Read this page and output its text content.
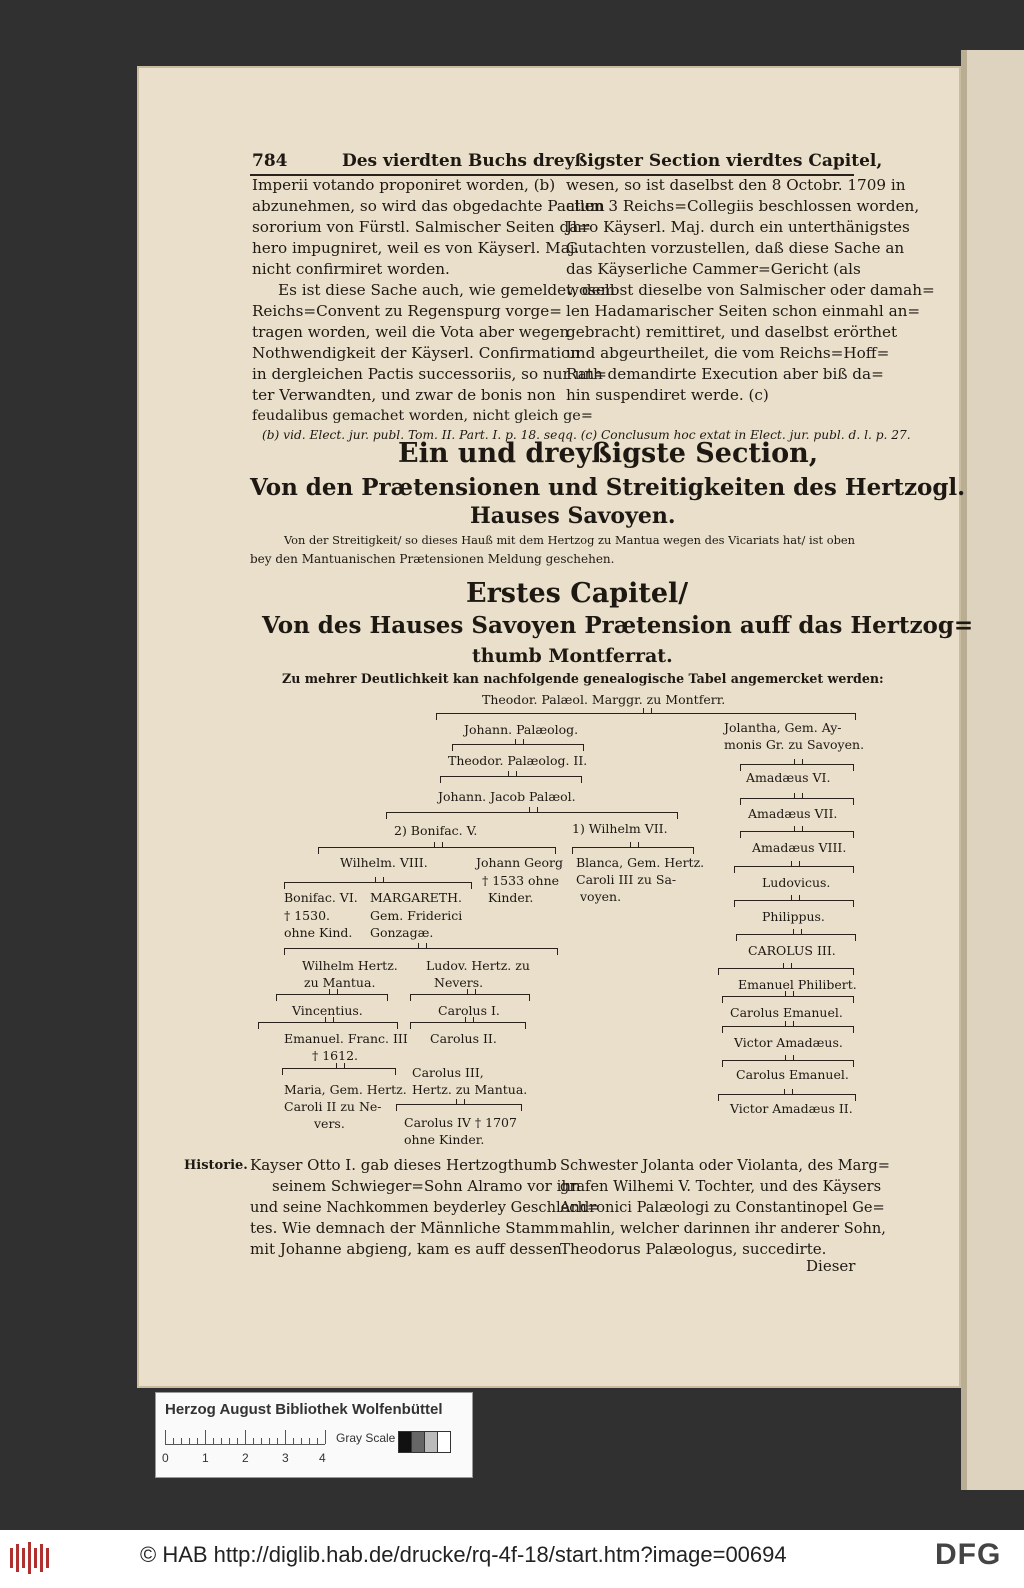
784	Des vierdten Buchs dreyßigster Section vierdtes Capitel,
Imperii votando proponiret worden, (b)
abzunehmen, so wird das obgedachte Pactum
sororium von Fürstl. Salmischer Seiten da=
hero impugniret, weil es von Käyserl. Maj.
nicht confirmiret worden.
Es ist diese Sache auch, wie gemeldet, dem
Reichs=Convent zu Regenspurg vorge=
tragen worden, weil die Vota aber wegen
Nothwendigkeit der Käyserl. Confirmation
in dergleichen Pactis successoriis, so nur un=
ter Verwandten, und zwar de bonis non
feudalibus gemachet worden, nicht gleich ge=
wesen, so ist daselbst den 8 Octobr. 1709 in
allen 3 Reichs=Collegiis beschlossen worden,
Jhro Käyserl. Maj. durch ein unterthänigstes
Gutachten vorzustellen, daß diese Sache an
das Käyserliche Cammer=Gericht (als
woselbst dieselbe von Salmischer oder damah=
len Hadamarischer Seiten schon einmahl an=
gebracht) remittiret, und daselbst erörthet
und abgeurtheilet, die vom Reichs=Hoff=
Rath demandirte Execution aber biß da=
hin suspendiret werde. (c)
(b) vid. Elect. jur. publ. Tom. II. Part. I. p. 18. seqq. (c) Conclusum hoc extat in Elect. jur. publ. d. l. p. 27.
Ein und dreyßigste Section,
Von den Prætensionen und Streitigkeiten des Hertzogl.
Hauses Savoyen.
Von der Streitigkeit/ so dieses Hauß mit dem Hertzog zu Mantua wegen des Vicariats hat/ ist oben
bey den Mantuanischen Prætensionen Meldung geschehen.
Erstes Capitel/
Von des Hauses Savoyen Prætension auff das Hertzog=
thumb Montferrat.
Zu mehrer Deutlichkeit kan nachfolgende genealogische Tabel angemercket werden:
Theodor. Palæol. Marggr. zu Montferr.
Johann. Palæolog.	Jolantha, Gem. Ay-
monis Gr. zu Savoyen.
Theodor. Palæolog. II.
Amadæus VI.
Johann. Jacob Palæol.
Amadæus VII.
2) Bonifac. V.	1) Wilhelm VII.
Amadæus VIII.
Wilhelm. VIII.	Johann Georg
† 1533 ohne
Kinder.
Blanca, Gem. Hertz.
Caroli III zu Sa-
voyen.
Ludovicus.
Bonifac. VI.
† 1530.
ohne Kind.
MARGARETH.
Gem. Friderici
Gonzagæ.
Philippus.
CAROLUS III.
Wilhelm Hertz.
zu Mantua.
Ludov. Hertz. zu
Nevers.	Emanuel Philibert.
Vincentius.	Carolus I.	Carolus Emanuel.
Emanuel. Franc. III
† 1612.
Carolus II.	Victor Amadæus.
Carolus III,
Hertz. zu Mantua.
Carolus Emanuel.
Maria, Gem. Hertz.
Caroli II zu Ne-
vers.
Victor Amadæus II.
Carolus IV † 1707
ohne Kinder.
Historie. Kayser Otto I. gab dieses Hertzogthumb
seinem Schwieger=Sohn Alramo vor ihn
und seine Nachkommen beyderley Geschlech=
tes. Wie demnach der Männliche Stamm
mit Johanne abgieng, kam es auff dessen
Schwester Jolanta oder Violanta, des Marg=
grafen Wilhemi V. Tochter, und des Käysers
Andronici Palæologi zu Constantinopel Ge=
mahlin, welcher darinnen ihr anderer Sohn,
Theodorus Palæologus, succedirte.
Dieser
Herzog August Bibliothek Wolfenbüttel
0	1	2	3	4
Gray Scale
© HAB http://diglib.hab.de/drucke/rq-4f-18/start.htm?image=00694	DFG
